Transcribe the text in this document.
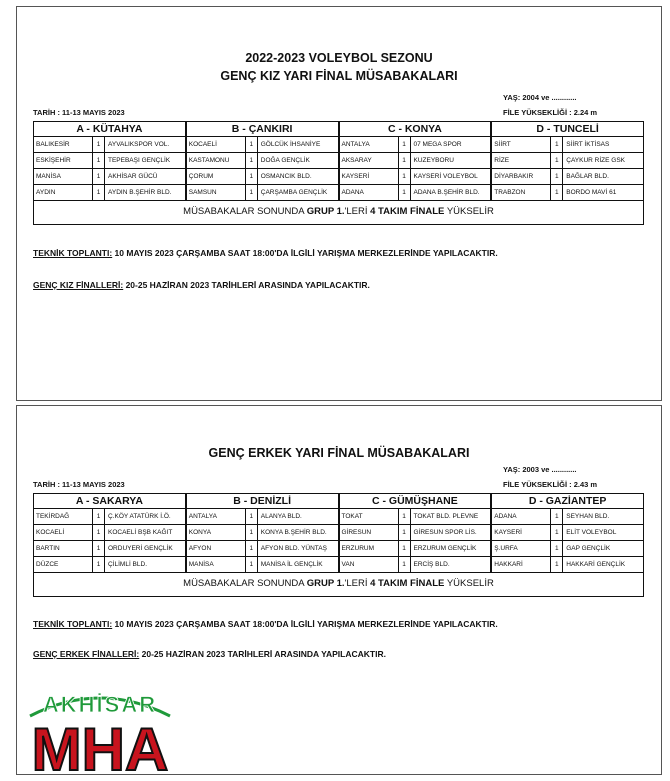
2022-2023 VOLEYBOL SEZONU
GENÇ KIZ YARI FİNAL MÜSABAKALARI
YAŞ: 2004 ve ............
TARİH : 11-13 MAYIS 2023	FİLE YÜKSEKLİĞİ : 2.24 m
A - KÜTAHYA
BALIKESİR	1	AYVALIKSPOR VOL.
ESKİŞEHİR	1	TEPEBAŞI GENÇLİK
MANİSA	1	AKHİSAR GÜCÜ
AYDIN	1	AYDIN B.ŞEHİR BLD.
B - ÇANKIRI
KOCAELİ	1	GÖLCÜK İHSANİYE
KASTAMONU	1	DOĞA GENÇLİK
ÇORUM	1	OSMANCIK BLD.
SAMSUN	1	ÇARŞAMBA GENÇLİK
C - KONYA
ANTALYA	1	07 MEGA SPOR
AKSARAY	1	KUZEYBORU
KAYSERİ	1	KAYSERİ VOLEYBOL
ADANA	1	ADANA B.ŞEHİR BLD.
D - TUNCELİ
SİİRT	1	SİİRT İKTİSAS
RİZE	1	ÇAYKUR RİZE GSK
DİYARBAKIR	1	BAĞLAR BLD.
TRABZON	1	BORDO MAVİ 61
MÜSABAKALAR SONUNDA GRUP 1.'LERİ 4 TAKIM FİNALE YÜKSELİR
TEKNİK TOPLANTI: 10 MAYIS 2023 ÇARŞAMBA SAAT 18:00'DA İLGİLİ YARIŞMA MERKEZLERİNDE YAPILACAKTIR.
GENÇ KIZ FİNALLERİ: 20-25 HAZİRAN 2023 TARİHLERİ ARASINDA YAPILACAKTIR.
GENÇ ERKEK YARI FİNAL MÜSABAKALARI
YAŞ: 2003 ve ............
TARİH : 11-13 MAYIS 2023	FİLE YÜKSEKLİĞİ : 2.43 m
A - SAKARYA
TEKİRDAĞ	1	Ç.KÖY ATATÜRK İ.Ö.
KOCAELİ	1	KOCAELİ BŞB KAĞIT
BARTIN	1	ORDUYERİ GENÇLİK
DÜZCE	1	ÇİLİMLİ BLD.
B - DENİZLİ
ANTALYA	1	ALANYA BLD.
KONYA	1	KONYA B.ŞEHİR BLD.
AFYON	1	AFYON BLD. YÜNTAŞ
MANİSA	1	MANİSA İL GENÇLİK
C - GÜMÜŞHANE
TOKAT	1	TOKAT BLD. PLEVNE
GİRESUN	1	GİRESUN SPOR LİS.
ERZURUM	1	ERZURUM GENÇLİK
VAN	1	ERCİŞ BLD.
D - GAZİANTEP
ADANA	1	SEYHAN BLD.
KAYSERİ	1	ELİT VOLEYBOL
Ş.URFA	1	GAP GENÇLİK
HAKKARİ	1	HAKKARİ GENÇLİK
MÜSABAKALAR SONUNDA GRUP 1.'LERİ 4 TAKIM FİNALE YÜKSELİR
TEKNİK TOPLANTI: 10 MAYIS 2023 ÇARŞAMBA SAAT 18:00'DA İLGİLİ YARIŞMA MERKEZLERİNDE YAPILACAKTIR.
GENÇ ERKEK FİNALLERİ: 20-25 HAZİRAN 2023 TARİHLERİ ARASINDA YAPILACAKTIR.
AKHİSAR
MHA
